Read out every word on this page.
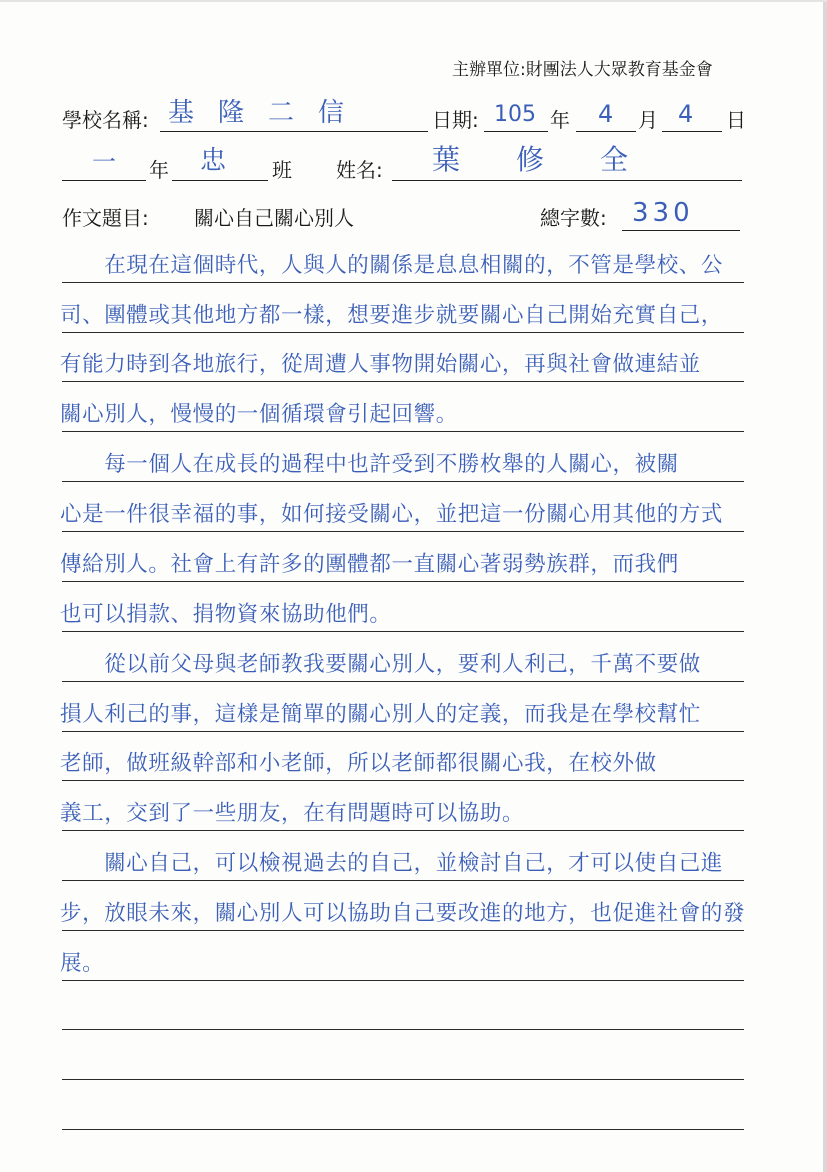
主辦單位:財團法人大眾教育基金會
學校名稱: 基隆二信	日期: 105 年 4 月 4 日
一 年 忠 班 姓名: 葉修全
作文題目: 關心自己關心別人	總字數: 330
　　在現在這個時代，人與人的關係是息息相關的，不管是學校、公
司、團體或其他地方都一樣，想要進步就要關心自己開始充實自己，
有能力時到各地旅行，從周遭人事物開始關心，再與社會做連結並
關心別人，慢慢的一個循環會引起回響。
　　每一個人在成長的過程中也許受到不勝枚舉的人關心，被關
心是一件很幸福的事，如何接受關心，並把這一份關心用其他的方式
傳給別人。社會上有許多的團體都一直關心著弱勢族群，而我們
也可以捐款、捐物資來協助他們。
　　從以前父母與老師教我要關心別人，要利人利己，千萬不要做
損人利己的事，這樣是簡單的關心別人的定義，而我是在學校幫忙
老師，做班級幹部和小老師，所以老師都很關心我，在校外做
義工，交到了一些朋友，在有問題時可以協助。
　　關心自己，可以檢視過去的自己，並檢討自己，才可以使自己進
步，放眼未來，關心別人可以協助自己要改進的地方，也促進社會的發
展。
